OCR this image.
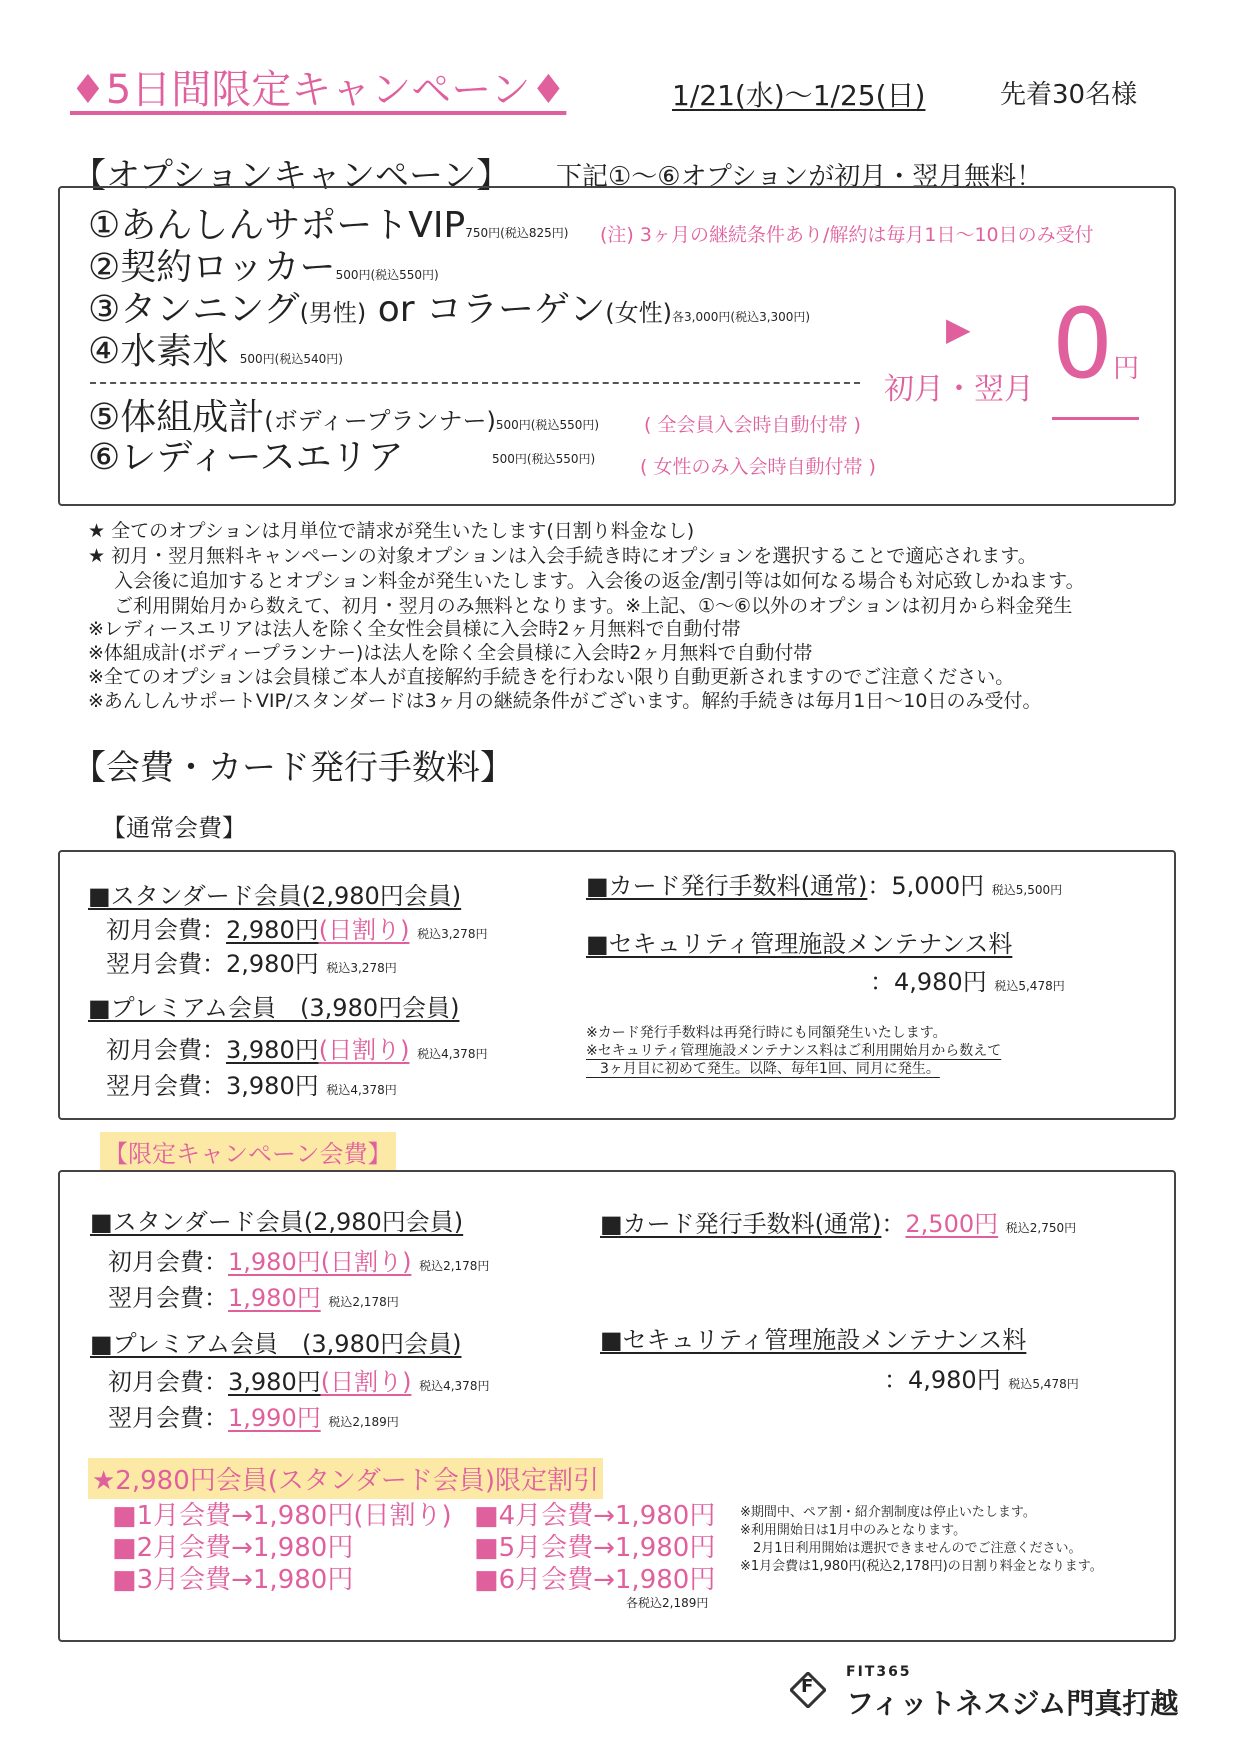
♦5日間限定キャンペーン♦	1/21(水)～1/25(日)	先着30名様
【オプションキャンペーン】 下記①～⑥オプションが初月・翌月無料！
①あんしんサポートVIP750円(税込825円) (注) 3ヶ月の継続条件あり/解約は毎月1日～10日のみ受付
②契約ロッカー500円(税込550円)
③タンニング(男性) or コラーゲン(女性)各3,000円(税込3,300円)
④水素水 500円(税込540円)
▶
初月・翌月 0円
⑤体組成計(ボディープランナー)500円(税込550円) ( 全会員入会時自動付帯 )
⑥レディースエリア	500円(税込550円) ( 女性のみ入会時自動付帯 )
★ 全てのオプションは月単位で請求が発生いたします(日割り料金なし)
★ 初月・翌月無料キャンペーンの対象オプションは入会手続き時にオプションを選択することで適応されます。
入会後に追加するとオプション料金が発生いたします。入会後の返金/割引等は如何なる場合も対応致しかねます。
ご利用開始月から数えて、初月・翌月のみ無料となります。※上記、①～⑥以外のオプションは初月から料金発生
※レディースエリアは法人を除く全女性会員様に入会時2ヶ月無料で自動付帯
※体組成計(ボディープランナー)は法人を除く全会員様に入会時2ヶ月無料で自動付帯
※全てのオプションは会員様ご本人が直接解約手続きを行わない限り自動更新されますのでご注意ください。
※あんしんサポートVIP/スタンダードは3ヶ月の継続条件がございます。解約手続きは毎月1日～10日のみ受付。
【会費・カード発行手数料】
【通常会費】
■スタンダード会員(2,980円会員)
初月会費：2,980円(日割り) 税込3,278円
翌月会費：2,980円 税込3,278円
■プレミアム会員　(3,980円会員)
初月会費：3,980円(日割り) 税込4,378円
翌月会費：3,980円 税込4,378円
■カード発行手数料(通常)：5,000円 税込5,500円
■セキュリティ管理施設メンテナンス料
：4,980円 税込5,478円
※カード発行手数料は再発行時にも同額発生いたします。
※セキュリティ管理施設メンテナンス料はご利用開始月から数えて
　3ヶ月目に初めて発生。以降、毎年1回、同月に発生。
【限定キャンペーン会費】
■スタンダード会員(2,980円会員)
初月会費：1,980円(日割り) 税込2,178円
翌月会費：1,980円 税込2,178円
■プレミアム会員　(3,980円会員)
初月会費：3,980円(日割り) 税込4,378円
翌月会費：1,990円 税込2,189円
■カード発行手数料(通常)：2,500円 税込2,750円
■セキュリティ管理施設メンテナンス料
：4,980円 税込5,478円
★2,980円会員(スタンダード会員)限定割引
■1月会費→1,980円(日割り)
■2月会費→1,980円
■3月会費→1,980円
■4月会費→1,980円
■5月会費→1,980円
■6月会費→1,980円
各税込2,189円
※期間中、ペア割・紹介割制度は停止いたします。
※利用開始日は1月中のみとなります。
　2月1日利用開始は選択できませんのでご注意ください。
※1月会費は1,980円(税込2,178円)の日割り料金となります。
F
FIT365
フィットネスジム門真打越
